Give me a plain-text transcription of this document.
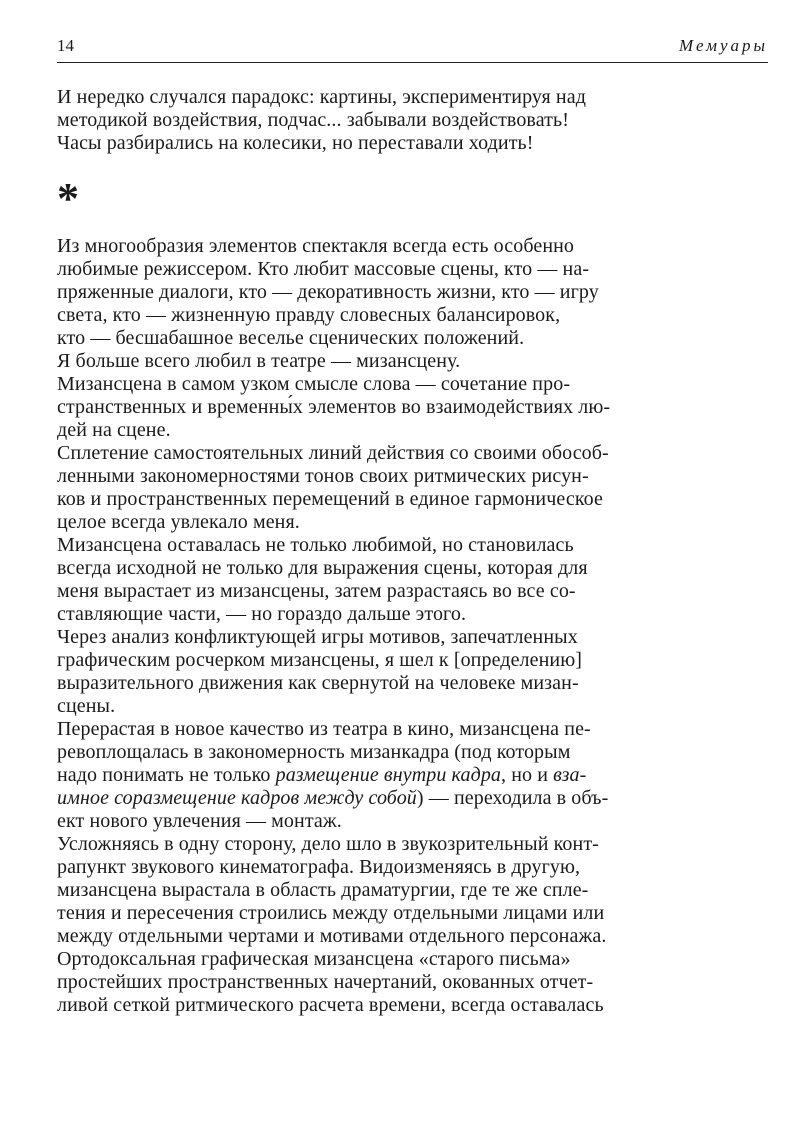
14	Мемуары
И нередко случался парадокс: картины, экспериментируя над
методикой воздействия, подчас... забывали воздействовать!
Часы разбирались на колесики, но переставали ходить!
*
Из многообразия элементов спектакля всегда есть особенно
любимые режиссером. Кто любит массовые сцены, кто — на-
пряженные диалоги, кто — декоративность жизни, кто — игру
света, кто — жизненную правду словесных балансировок,
кто — бесшабашное веселье сценических положений.
Я больше всего любил в театре — мизансцену.
Мизансцена в самом узком смысле слова — сочетание про-
странственных и временны́х элементов во взаимодействиях лю-
дей на сцене.
Сплетение самостоятельных линий действия со своими обособ-
ленными закономерностями тонов своих ритмических рисун-
ков и пространственных перемещений в единое гармоническое
целое всегда увлекало меня.
Мизансцена оставалась не только любимой, но становилась
всегда исходной не только для выражения сцены, которая для
меня вырастает из мизансцены, затем разрастаясь во все со-
ставляющие части, — но гораздо дальше этого.
Через анализ конфликтующей игры мотивов, запечатленных
графическим росчерком мизансцены, я шел к [определению]
выразительного движения как свернутой на человеке мизан-
сцены.
Перерастая в новое качество из театра в кино, мизансцена пе-
ревоплощалась в закономерность мизанкадра (под которым
надо понимать не только размещение внутри кадра, но и вза-
имное соразмещение кадров между собой) — переходила в объ-
ект нового увлечения — монтаж.
Усложняясь в одну сторону, дело шло в звукозрительный конт-
рапункт звукового кинематографа. Видоизменяясь в другую,
мизансцена вырастала в область драматургии, где те же спле-
тения и пересечения строились между отдельными лицами или
между отдельными чертами и мотивами отдельного персонажа.
Ортодоксальная графическая мизансцена «старого письма»
простейших пространственных начертаний, окованных отчет-
ливой сеткой ритмического расчета времени, всегда оставалась
